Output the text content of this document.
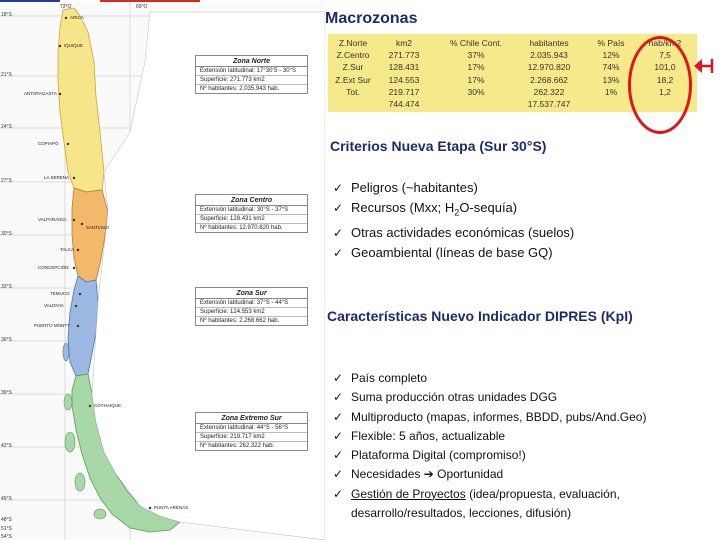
72°O	69°O
18°S
21°S
24°S
27°S
30°S
33°S
36°S
39°S
42°S
45°S
48°S
51°S
54°S
ARICA
IQUIQUE
ANTOFAGASTA
COPIAPÓ
LA SERENA
VALPARAÍSO
SANTIAGO
TALCA
CONCEPCIÓN
TEMUCO
VALDIVIA
PUERTO MONTT
COYHAIQUE
PUNTA ARENAS
Zona Norte
Extensión latitudinal: 17°30'S - 30°S
Superficie: 271.773 km2
Nº habitantes: 2.035.943 hab.
Zona Centro
Extensión latitudinal: 30°S - 37°S
Superficie: 128.431 km2
Nº habitantes: 12.970.820 hab.
Zona Sur
Extensión latitudinal: 37°S - 44°S
Superficie: 124.553 km2
Nº habitantes: 2.268.662 hab.
Zona Extremo Sur
Extensión latitudinal: 44°S - 56°S
Superficie: 219.717 km2
Nº habitantes: 262.322 hab.
Macrozonas
Z.Norte
Z.Centro
Z.Sur
Z.Ext Sur
Tot.
km2
271.773
128.431
124.553
219.717
744.474
% Chile Cont.
37%
17%
17%
30%
habitantes
2.035.943
12.970.820
2.268.662
262.322
17.537.747
% País
12%
74%
13%
1%
hab/km2
7,5
101,0
18,2
1,2
Criterios Nueva Etapa (Sur 30°S)
✓ Peligros (~habitantes)
✓ Recursos (Mxx; $H_2O-sequía$)
✓ Otras actividades económicas (suelos)
✓ Geoambiental (líneas de base GQ)
Características Nuevo Indicador DIPRES (KpI)
✓ País completo
✓ Suma producción otras unidades DGG
✓ Multiproducto (mapas, informes, BBDD, pubs/And.Geo)
✓ Flexible: 5 años, actualizable
✓ Plataforma Digital (compromiso!)
✓ Necesidades ➔ Oportunidad
✓ Gestión de Proyectos (idea/propuesta, evaluación, desarrollo/resultados, lecciones, difusión)
